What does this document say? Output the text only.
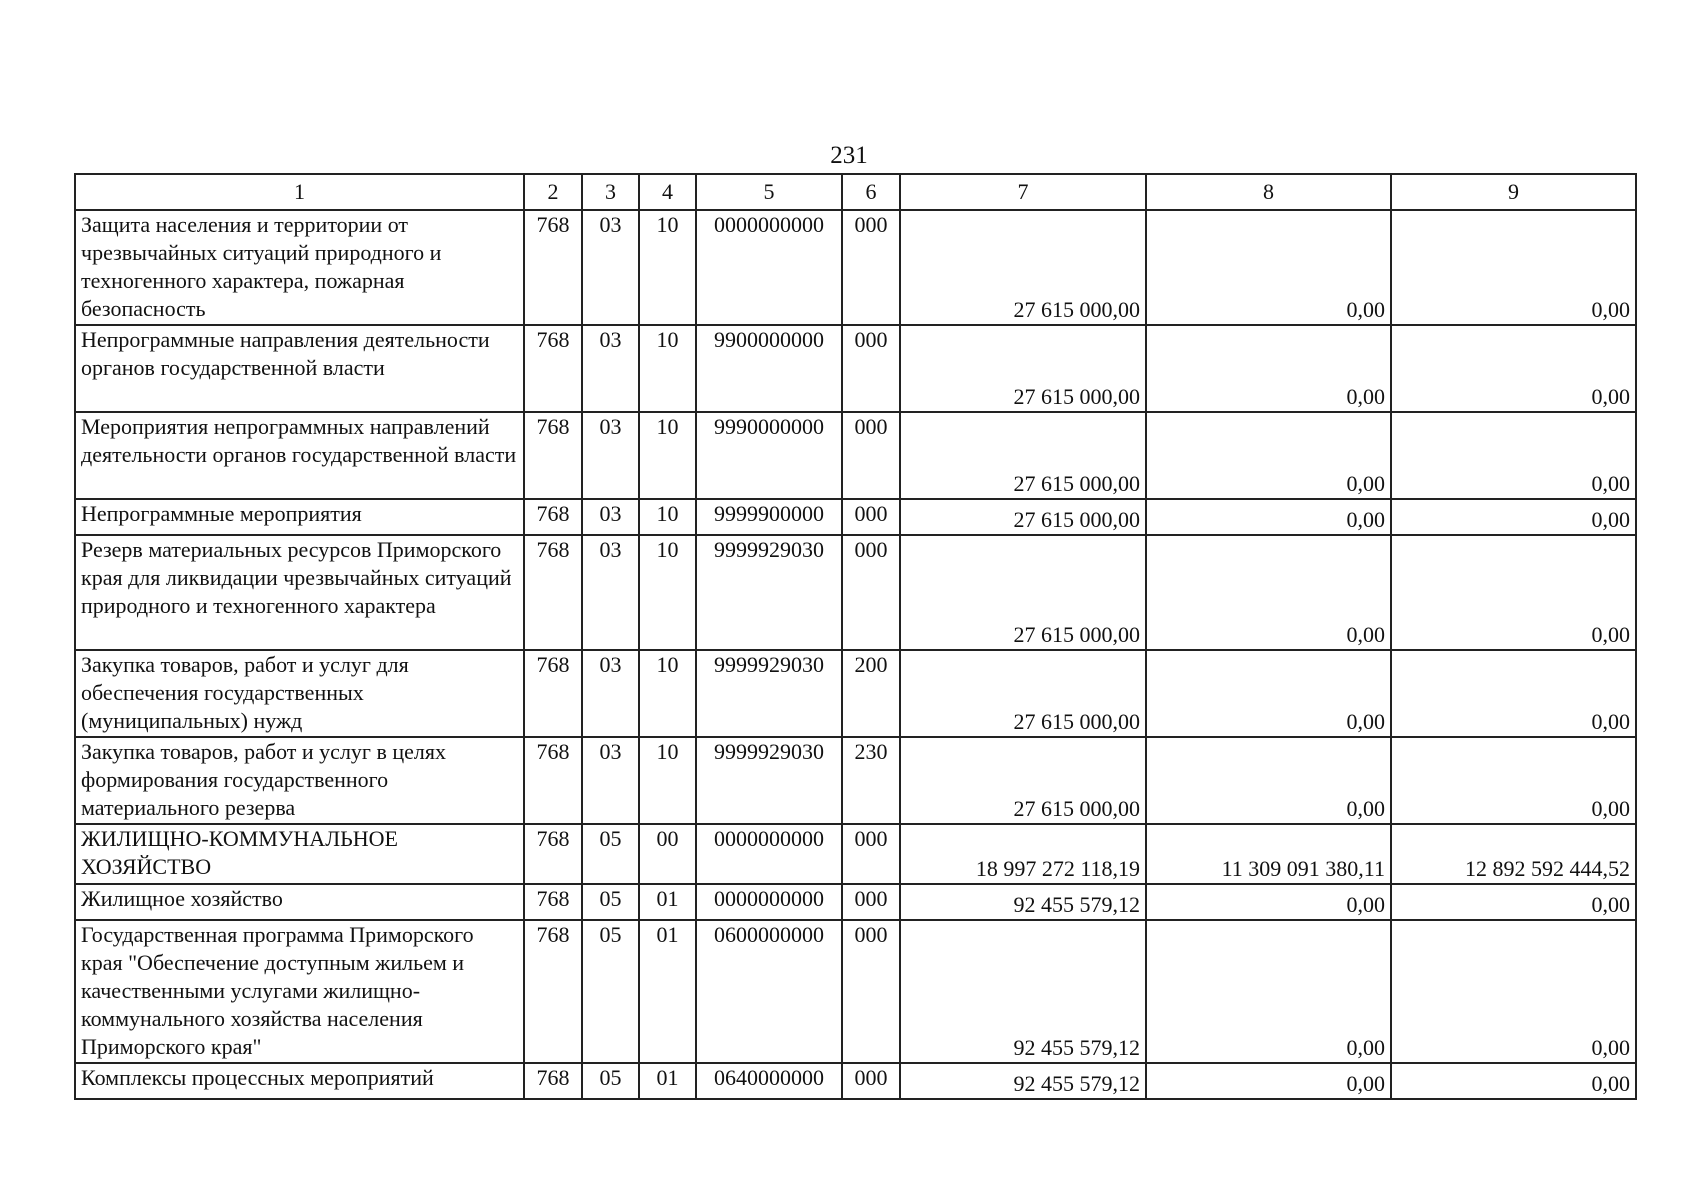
231
1	2	3	4	5	6	7	8	9
Защита населения и территории от чрезвычайных ситуаций природного и техногенного характера, пожарная безопасность	768	03	10	0000000000	000	27 615 000,00	0,00	0,00
Непрограммные направления деятельности органов государственной власти	768	03	10	9900000000	000	27 615 000,00	0,00	0,00
Мероприятия непрограммных направлений деятельности органов государственной власти	768	03	10	9990000000	000	27 615 000,00	0,00	0,00
Непрограммные мероприятия	768	03	10	9999900000	000	27 615 000,00	0,00	0,00
Резерв материальных ресурсов Приморского края для ликвидации чрезвычайных ситуаций природного и техногенного характера	768	03	10	9999929030	000	27 615 000,00	0,00	0,00
Закупка товаров, работ и услуг для обеспечения государственных (муниципальных) нужд	768	03	10	9999929030	200	27 615 000,00	0,00	0,00
Закупка товаров, работ и услуг в целях формирования государственного материального резерва	768	03	10	9999929030	230	27 615 000,00	0,00	0,00
ЖИЛИЩНО-КОММУНАЛЬНОЕ ХОЗЯЙСТВО	768	05	00	0000000000	000	18 997 272 118,19	11 309 091 380,11	12 892 592 444,52
Жилищное хозяйство	768	05	01	0000000000	000	92 455 579,12	0,00	0,00
Государственная программа Приморского края "Обеспечение доступным жильем и качественными услугами жилищно-коммунального хозяйства населения Приморского края"	768	05	01	0600000000	000	92 455 579,12	0,00	0,00
Комплексы процессных мероприятий	768	05	01	0640000000	000	92 455 579,12	0,00	0,00
